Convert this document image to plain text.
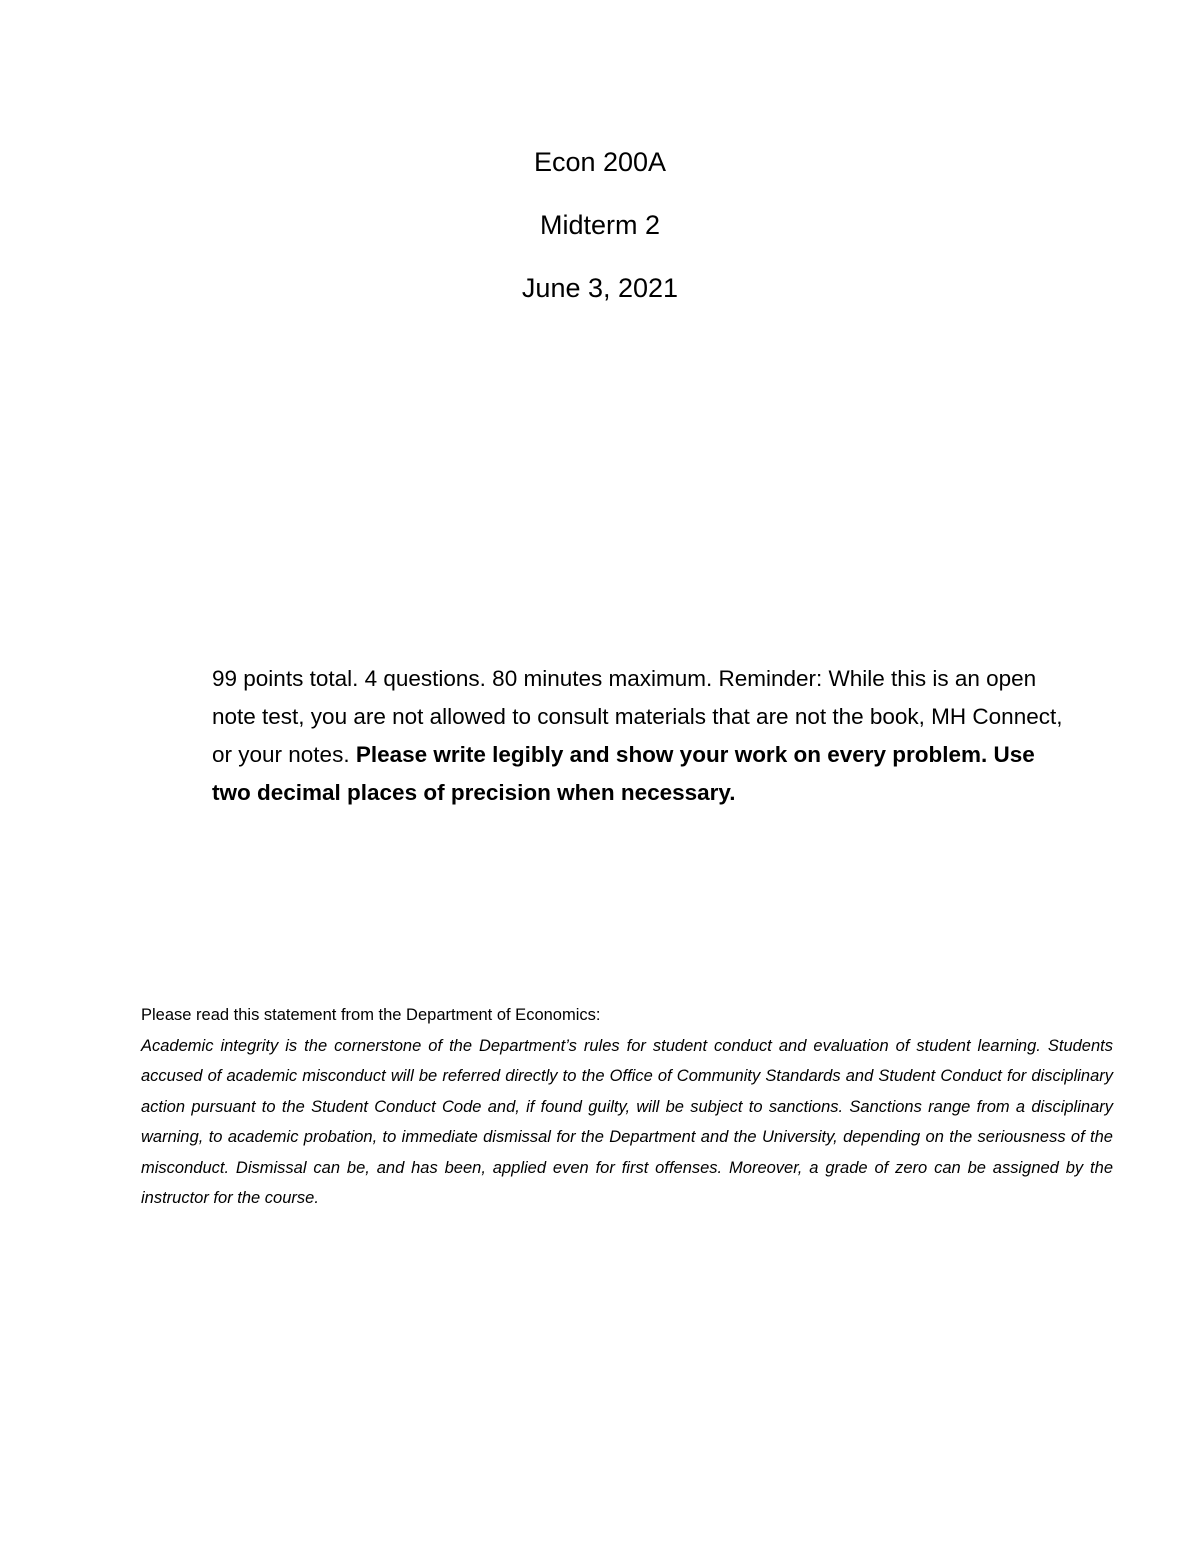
Econ 200A
Midterm 2
June 3, 2021

99 points total. 4 questions. 80 minutes maximum. Reminder: While this is an open note test, you are not allowed to consult materials that are not the book, MH Connect, or your notes. Please write legibly and show your work on every problem. Use two decimal places of precision when necessary.

Please read this statement from the Department of Economics:

Academic integrity is the cornerstone of the Department’s rules for student conduct and evaluation of student learning. Students accused of academic misconduct will be referred directly to the Office of Community Standards and Student Conduct for disciplinary action pursuant to the Student Conduct Code and, if found guilty, will be subject to sanctions. Sanctions range from a disciplinary warning, to academic probation, to immediate dismissal for the Department and the University, depending on the seriousness of the misconduct. Dismissal can be, and has been, applied even for first offenses. Moreover, a grade of zero can be assigned by the instructor for the course.
